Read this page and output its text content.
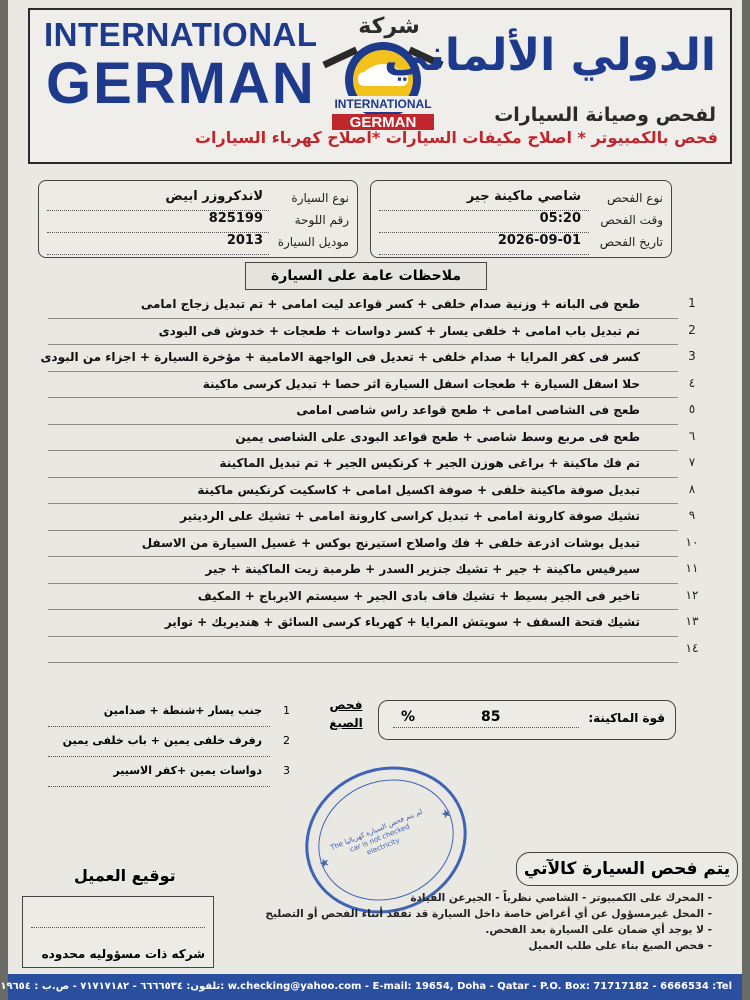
INTERNATIONAL
GERMAN
شركة
INTERNATIONAL
GERMAN
الدولي الألماني
لفحص وصيانة السيارات
فحص بالكمبيوتر * اصلاح مكيفات السيارات *اصلاح كهرباء السيارات
نوع الفحص
شاصي ماكينة جير
وقت الفحص
05:20
تاريخ الفحص
2026-09-01
نوع السيارة
لاندكروزر ابيض
رقم اللوحة
825199
موديل السيارة
2013
ملاحظات عامة على السيارة
1
طعج فى البانه + وزنية صدام خلفى + كسر قواعد ليت امامى + تم تبديل زجاج امامى
2
تم تبديل باب امامى + خلفى يسار + كسر دواسات + طعجات + خدوش فى البودى
3
كسر فى كفر المرايا + صدام خلفى + تعديل فى الواجهة الامامية + مؤخرة السيارة + اجزاء من البودى
٤
حلا اسفل السيارة + طعجات اسفل السيارة اثر حصا + تبديل كرسى ماكينة
٥
طعج فى الشاصى امامى + طعج قواعد راس شاصى امامى
٦
طعج فى مربع وسط شاصى + طعج قواعد البودى على الشاصى يمين
٧
تم فك ماكينة + براغى هوزن الجير + كرنكيس الجير + تم تبديل الماكينة
٨
تبديل صوفة ماكينة خلفى + صوفة اكسيل امامى + كاسكيت كرنكيس ماكينة
٩
تشيك صوفة كارونة امامى + تبديل كراسى كارونة امامى + تشيك على الرديتير
١٠
تبديل بوشات اذرعة خلفى + فك واصلاح استيرنج بوكس + غسيل السيارة من الاسفل
١١
سيرفيس ماكينة + جير + تشيك جنزير السدر + طرمبة زيت الماكينة + جير
١٢
تاخير فى الجير بسيط + تشيك فاف بادى الجير + سيستم الايرباج + المكيف
١٣
تشيك فتحة السقف + سويتش المرايا + كهرباء كرسى السائق + هنديريك + تواير
١٤
فحص
الصبغ
1
جنب يسار +شنطة + صدامين
2
رفرف خلفى يمين + باب خلفى يمين
3
دواسات يمين +كفر الاسيير
قوة الماكينة:
85
%
★
★
لم يتم فحص السيارة كهربائيا The car is not checked electricity
توقيع العميل
شركه ذات مسؤوليه محدوده
يتم فحص السيارة كالآتي
- المحرك على الكمبيوتر - الشاصي نظرياً - الجيرعن القيادة
- المحل غيرمسؤول عن أي أغراض خاصة داخل السيارة قد تفقد أثناء الفحص أو التصليح
- لا يوجد أي ضمان على السيارة بعد الفحص.
- فحص الصبغ بناء على طلب العميل
تلفون: ٦٦٦٦٥٣٤ - ٧١٧١٧١٨٢ - ص.ب : ١٩٦٥٤ : w.checking@yahoo.com - E-mail: 19654, Doha - Qatar - P.O. Box: 71717182 - 6666534 :Tel
